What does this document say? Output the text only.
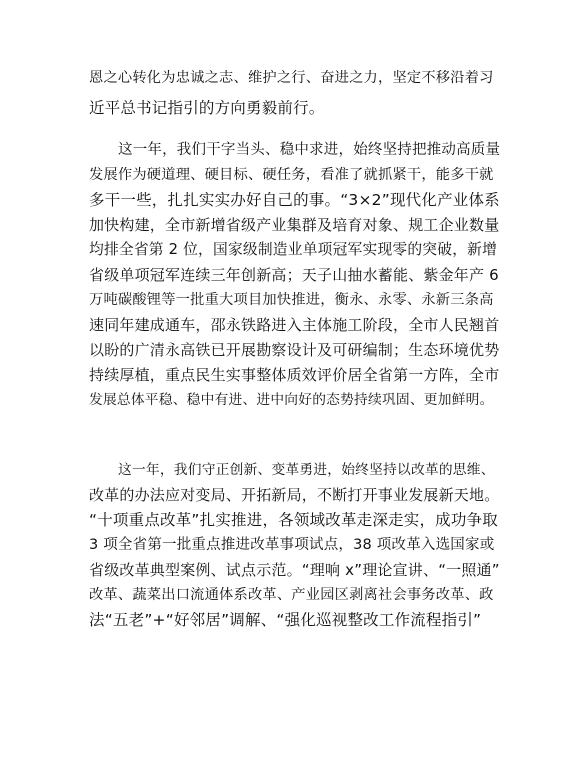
恩之心转化为忠诚之志、维护之行、奋进之力，坚定不移沿着习
近平总书记指引的方向勇毅前行。
这一年，我们干字当头、稳中求进，始终坚持把推动高质量
发展作为硬道理、硬目标、硬任务，看准了就抓紧干，能多干就
多干一些，扎扎实实办好自己的事。“3×2”现代化产业体系
加快构建，全市新增省级产业集群及培育对象、规工企业数量
均排全省第 2 位，国家级制造业单项冠军实现零的突破，新增
省级单项冠军连续三年创新高；天子山抽水蓄能、紫金年产 6
万吨碳酸锂等一批重大项目加快推进，衡永、永零、永新三条高
速同年建成通车，邵永铁路进入主体施工阶段，全市人民翘首
以盼的广清永高铁已开展勘察设计及可研编制；生态环境优势
持续厚植，重点民生实事整体质效评价居全省第一方阵，全市
发展总体平稳、稳中有进、进中向好的态势持续巩固、更加鲜明。
这一年，我们守正创新、变革勇进，始终坚持以改革的思维、
改革的办法应对变局、开拓新局，不断打开事业发展新天地。
“十项重点改革”扎实推进，各领域改革走深走实，成功争取
3 项全省第一批重点推进改革事项试点，38 项改革入选国家或
省级改革典型案例、试点示范。“理响 x”理论宣讲、“一照通”
改革、蔬菜出口流通体系改革、产业园区剥离社会事务改革、政
法“五老”+“好邻居”调解、“强化巡视整改工作流程指引”
